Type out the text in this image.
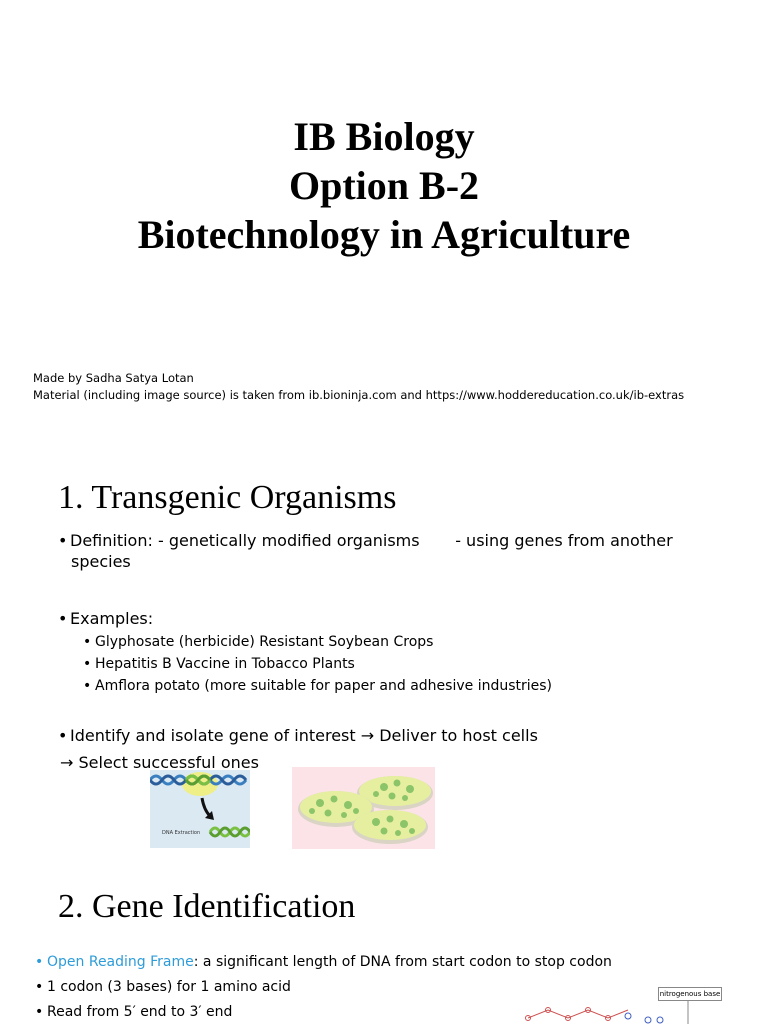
IB Biology
Option B-2
Biotechnology in Agriculture
Made by Sadha Satya Lotan
Material (including image source) is taken from ib.bioninja.com and https://www.hoddereducation.co.uk/ib-extras
1. Transgenic Organisms
• Definition: - genetically modified organisms       - using genes from another
species
• Examples:
• Glyphosate (herbicide) Resistant Soybean Crops
• Hepatitis B Vaccine in Tobacco Plants
• Amflora potato (more suitable for paper and adhesive industries)
• Identify and isolate gene of interest → Deliver to host cells
→ Select successful ones
DNA Extraction
2. Gene Identification
• Open Reading Frame: a significant length of DNA from start codon to stop codon
• 1 codon (3 bases) for 1 amino acid
• Read from 5′ end to 3′ end
nitrogenous base
